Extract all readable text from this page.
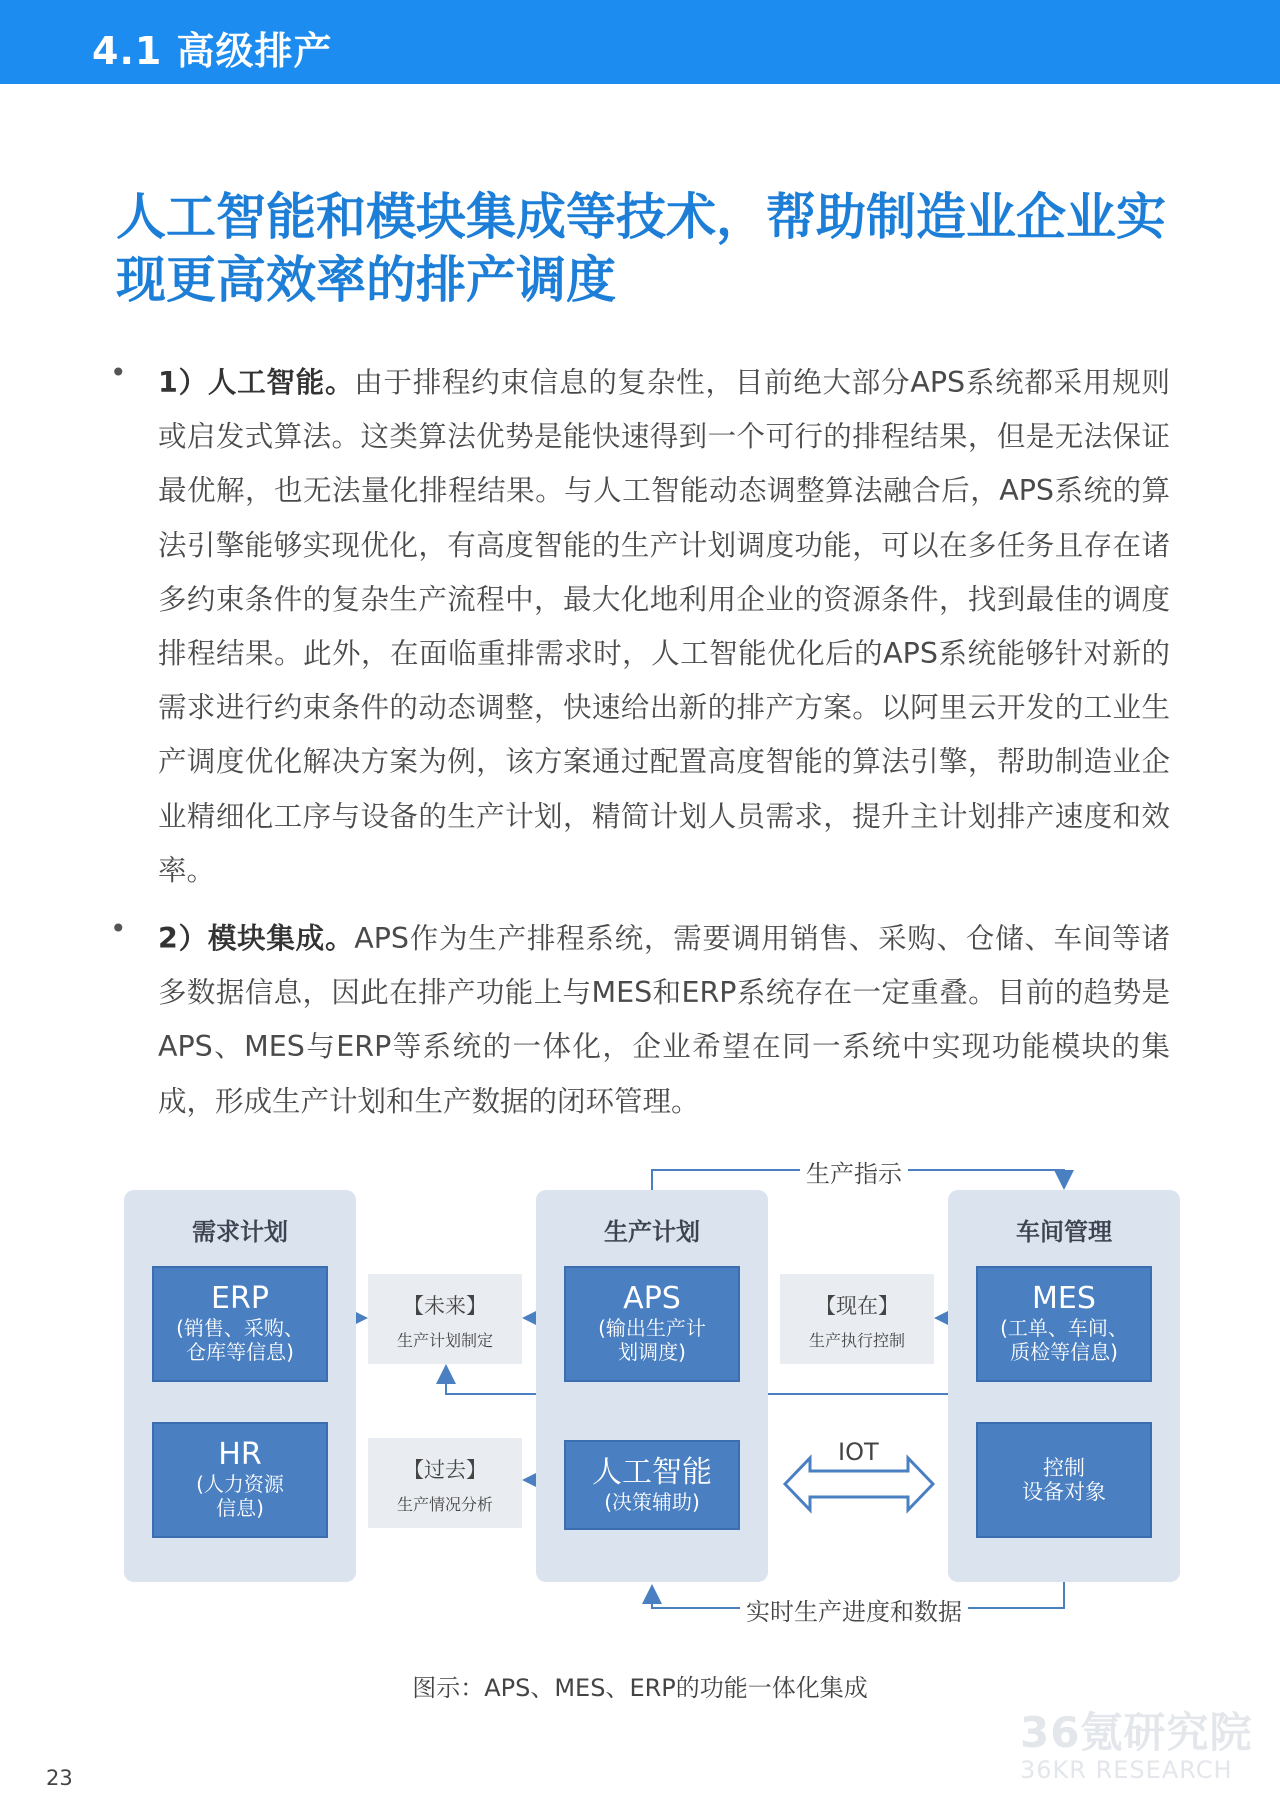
4.1 高级排产
人工智能和模块集成等技术，帮助制造业企业实现更高效率的排产调度
• 1）人工智能。由于排程约束信息的复杂性，目前绝大部分APS系统都采用规则或启发式算法。这类算法优势是能快速得到一个可行的排程结果，但是无法保证最优解，也无法量化排程结果。与人工智能动态调整算法融合后，APS系统的算法引擎能够实现优化，有高度智能的生产计划调度功能，可以在多任务且存在诸多约束条件的复杂生产流程中，最大化地利用企业的资源条件，找到最佳的调度排程结果。此外，在面临重排需求时，人工智能优化后的APS系统能够针对新的需求进行约束条件的动态调整，快速给出新的排产方案。以阿里云开发的工业生产调度优化解决方案为例，该方案通过配置高度智能的算法引擎，帮助制造业企业精细化工序与设备的生产计划，精简计划人员需求，提升主计划排产速度和效率。

• 2）模块集成。APS作为生产排程系统，需要调用销售、采购、仓储、车间等诸多数据信息，因此在排产功能上与MES和ERP系统存在一定重叠。目前的趋势是APS、MES与ERP等系统的一体化，企业希望在同一系统中实现功能模块的集成，形成生产计划和生产数据的闭环管理。

生产指示
实时生产进度和数据
IOT
需求计划
ERP
(销售、采购、
仓库等信息)
HR
(人力资源
信息)
生产计划
APS
(输出生产计
划调度)
人工智能
(决策辅助)
车间管理
MES
(工单、车间、
质检等信息)
控制
设备对象
【未来】
生产计划制定
【过去】
生产情况分析
【现在】
生产执行控制
图示：APS、MES、ERP的功能一体化集成
23
36氪研究院
36KR RESEARCH
